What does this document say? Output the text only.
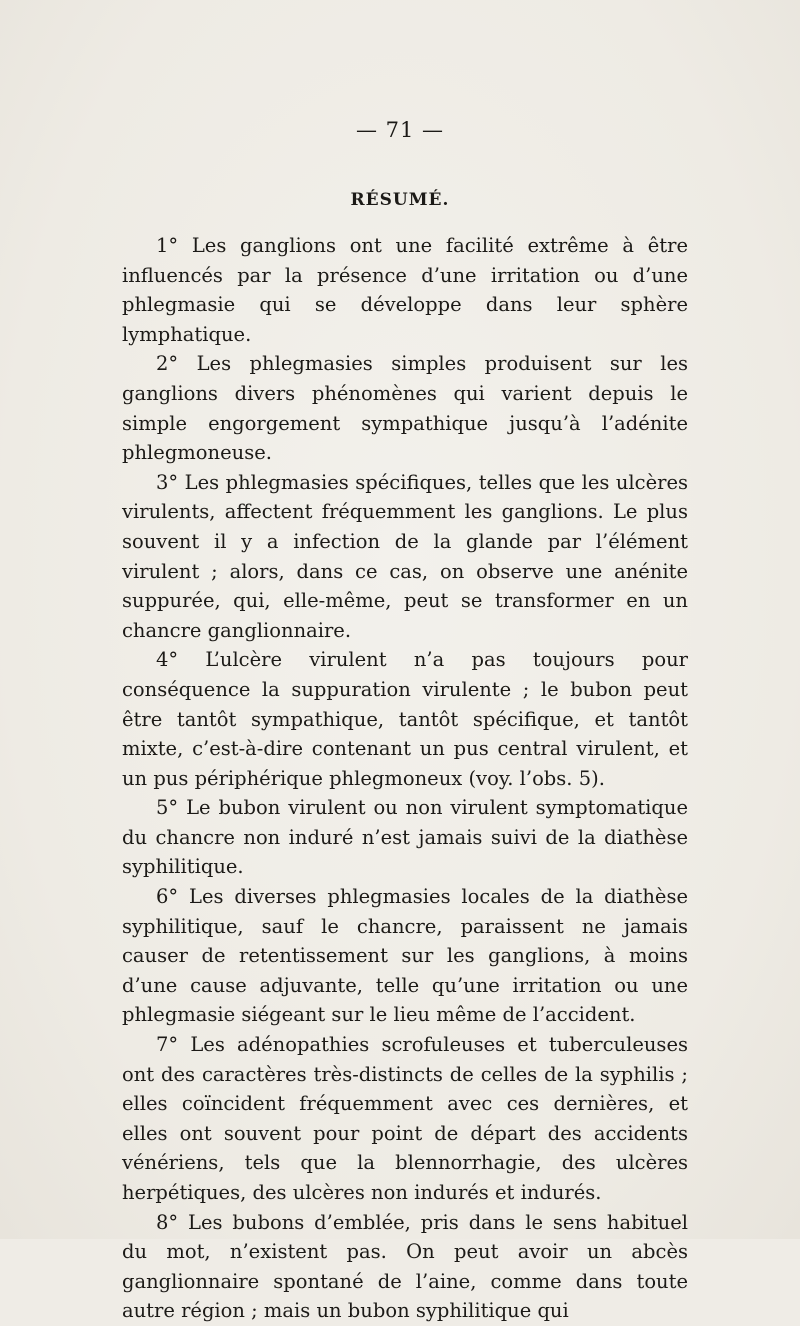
— 71 —
RÉSUMÉ.

1° Les ganglions ont une facilité extrême à être influencés par la présence d’une irritation ou d’une phlegmasie qui se développe dans leur sphère lymphatique.

2° Les phlegmasies simples produisent sur les ganglions divers phénomènes qui varient depuis le simple engorgement sympathique jusqu’à l’adénite phlegmoneuse.

3° Les phlegmasies spécifiques, telles que les ulcères virulents, affectent fréquemment les ganglions. Le plus souvent il y a infection de la glande par l’élément virulent ; alors, dans ce cas, on observe une anénite suppurée, qui, elle-même, peut se transformer en un chancre ganglionnaire.

4° L’ulcère virulent n’a pas toujours pour conséquence la suppuration virulente ; le bubon peut être tantôt sympathique, tantôt spécifique, et tantôt mixte, c’est-à-dire contenant un pus central virulent, et un pus périphérique phlegmoneux (voy. l’obs. 5).

5° Le bubon virulent ou non virulent symptomatique du chancre non induré n’est jamais suivi de la diathèse syphilitique.

6° Les diverses phlegmasies locales de la diathèse syphilitique, sauf le chancre, paraissent ne jamais causer de retentissement sur les ganglions, à moins d’une cause adjuvante, telle qu’une irritation ou une phlegmasie siégeant sur le lieu même de l’accident.

7° Les adénopathies scrofuleuses et tuberculeuses ont des caractères très-distincts de celles de la syphilis ; elles coïncident fréquemment avec ces dernières, et elles ont souvent pour point de départ des accidents vénériens, tels que la blennorrhagie, des ulcères herpétiques, des ulcères non indurés et indurés.

8° Les bubons d’emblée, pris dans le sens habituel du mot, n’existent pas. On peut avoir un abcès ganglionnaire spontané de l’aine, comme dans toute autre région ; mais un bubon syphilitique qui
